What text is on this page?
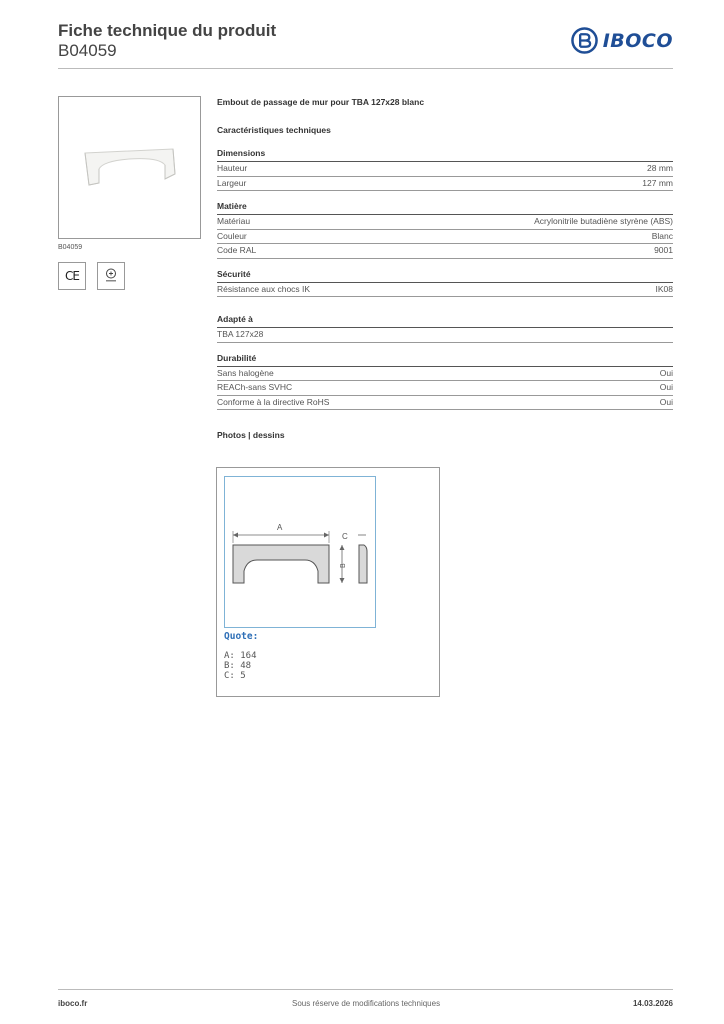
Fiche technique du produit
B04059	IBOCO
B04059
CE
Embout de passage de mur pour TBA 127x28 blanc
Caractéristiques techniques
Dimensions
Hauteur	28 mm
Largeur	127 mm
Matière
Matériau	Acrylonitrile butadiène styrène (ABS)
Couleur	Blanc
Code RAL	9001
Sécurité
Résistance aux chocs IK	IK08
Adapté à
TBA 127x28
Durabilité
Sans halogène	Oui
REACh-sans SVHC	Oui
Conforme à la directive RoHS	Oui
Photos | dessins
A
B
C
Quote:
A: 164
B: 48
C: 5
iboco.fr	Sous réserve de modifications techniques	14.03.2026
